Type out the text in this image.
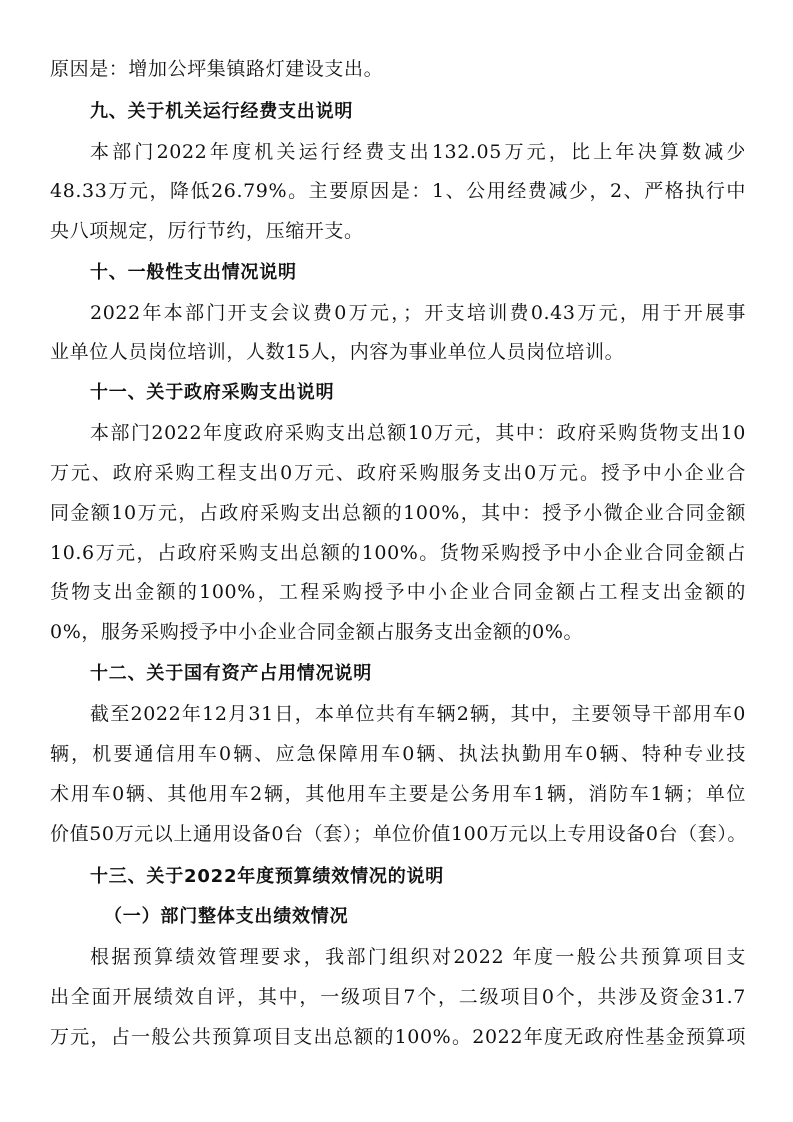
原因是：增加公坪集镇路灯建设支出。
九、关于机关运行经费支出说明
本部门2022年度机关运行经费支出132.05万元，比上年决算数减少
48.33万元，降低26.79%。主要原因是：1、公用经费减少，2、严格执行中
央八项规定，厉行节约，压缩开支。
十、一般性支出情况说明
2022年本部门开支会议费0万元，；开支培训费0.43万元，用于开展事
业单位人员岗位培训，人数15人，内容为事业单位人员岗位培训。
十一、关于政府采购支出说明
本部门2022年度政府采购支出总额10万元，其中：政府采购货物支出10
万元、政府采购工程支出0万元、政府采购服务支出0万元。授予中小企业合
同金额10万元，占政府采购支出总额的100%，其中：授予小微企业合同金额
10.6万元，占政府采购支出总额的100%。货物采购授予中小企业合同金额占
货物支出金额的100%，工程采购授予中小企业合同金额占工程支出金额的
0%，服务采购授予中小企业合同金额占服务支出金额的0%。
十二、关于国有资产占用情况说明
截至2022年12月31日，本单位共有车辆2辆，其中，主要领导干部用车0
辆，机要通信用车0辆、应急保障用车0辆、执法执勤用车0辆、特种专业技
术用车0辆、其他用车2辆，其他用车主要是公务用车1辆，消防车1辆；单位
价值50万元以上通用设备0台（套）；单位价值100万元以上专用设备0台（套）。
十三、关于2022年度预算绩效情况的说明
（一）部门整体支出绩效情况
根据预算绩效管理要求，我部门组织对2022 年度一般公共预算项目支
出全面开展绩效自评，其中，一级项目7个，二级项目0个，共涉及资金31.7
万元，占一般公共预算项目支出总额的100%。2022年度无政府性基金预算项
